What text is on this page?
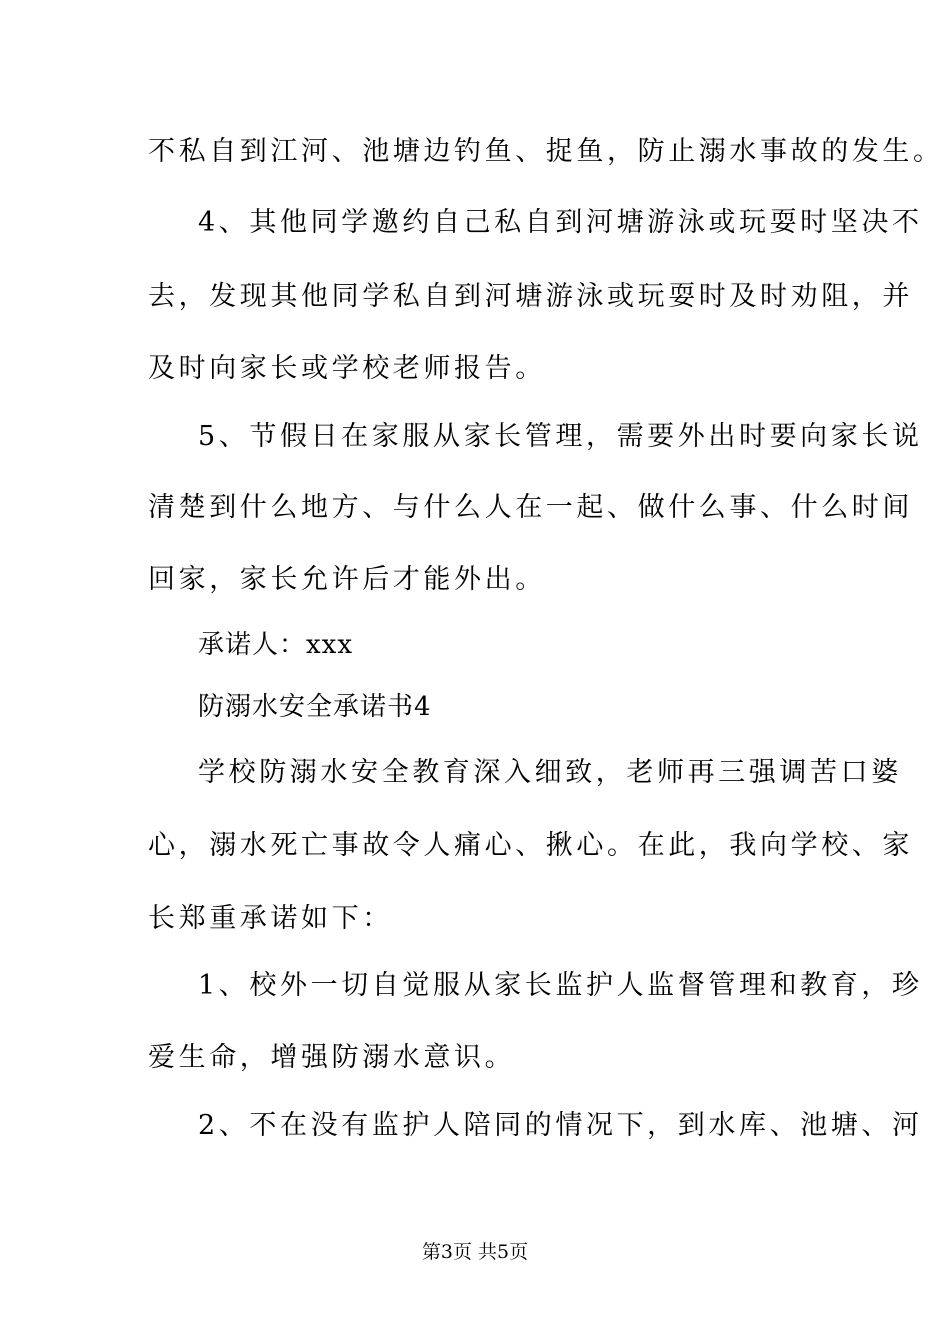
不私自到江河、池塘边钓鱼、捉鱼，防止溺水事故的发生。
4、其他同学邀约自己私自到河塘游泳或玩耍时坚决不
去，发现其他同学私自到河塘游泳或玩耍时及时劝阻，并
及时向家长或学校老师报告。
5、节假日在家服从家长管理，需要外出时要向家长说
清楚到什么地方、与什么人在一起、做什么事、什么时间
回家，家长允许后才能外出。
承诺人：xxx
防溺水安全承诺书4
学校防溺水安全教育深入细致，老师再三强调苦口婆
心，溺水死亡事故令人痛心、揪心。在此，我向学校、家
长郑重承诺如下：
1、校外一切自觉服从家长监护人监督管理和教育，珍
爱生命，增强防溺水意识。
2、不在没有监护人陪同的情况下，到水库、池塘、河
第3页 共5页
